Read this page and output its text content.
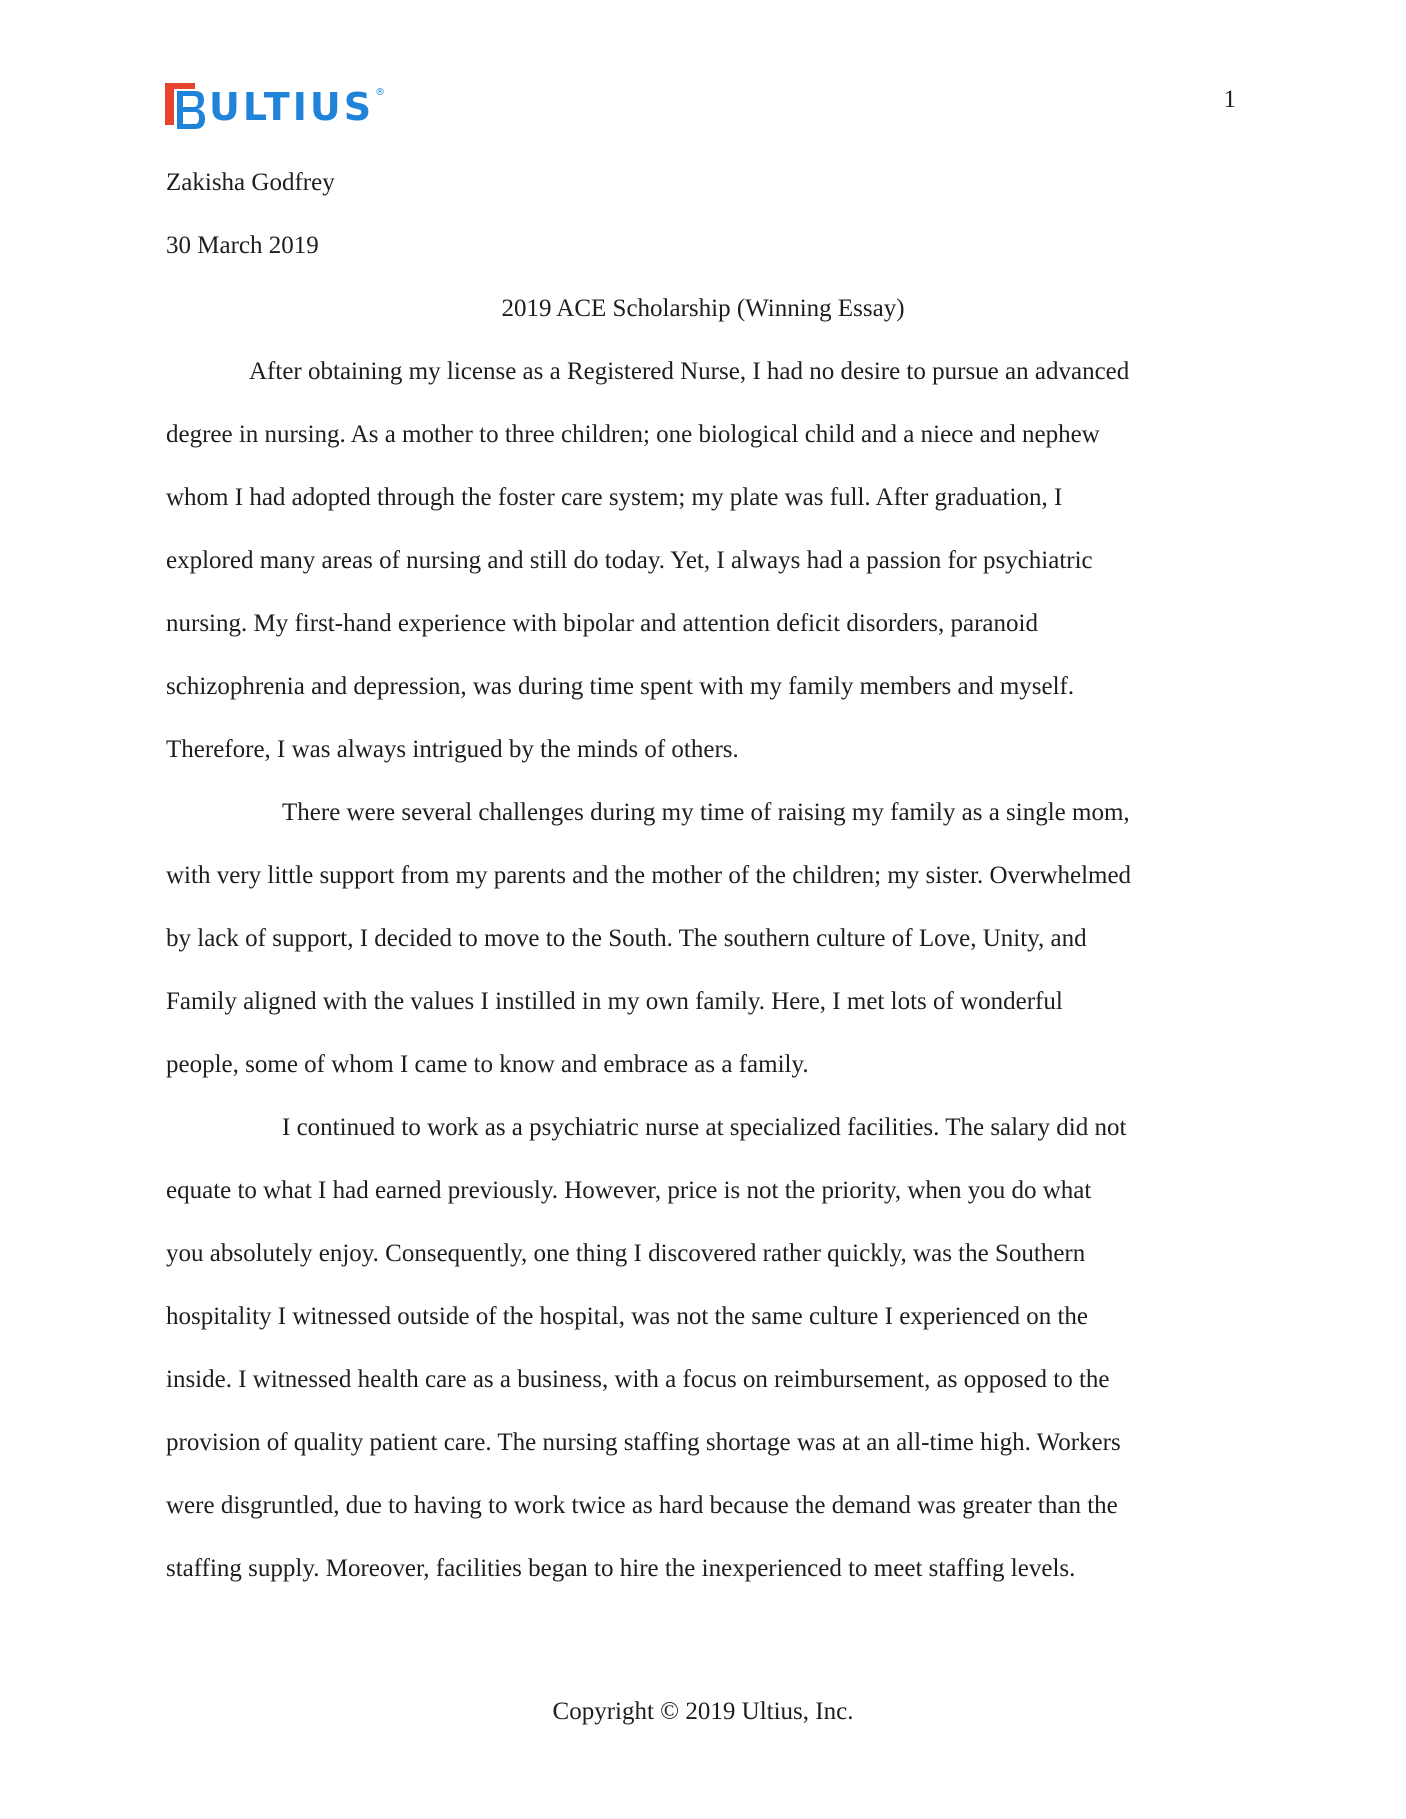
ULTIUS ®	1
Zakisha Godfrey
30 March 2019
2019 ACE Scholarship (Winning Essay)
After obtaining my license as a Registered Nurse, I had no desire to pursue an advanced
degree in nursing. As a mother to three children; one biological child and a niece and nephew
whom I had adopted through the foster care system; my plate was full. After graduation, I
explored many areas of nursing and still do today. Yet, I always had a passion for psychiatric
nursing. My first-hand experience with bipolar and attention deficit disorders, paranoid
schizophrenia and depression, was during time spent with my family members and myself.
Therefore, I was always intrigued by the minds of others.
There were several challenges during my time of raising my family as a single mom,
with very little support from my parents and the mother of the children; my sister. Overwhelmed
by lack of support, I decided to move to the South. The southern culture of Love, Unity, and
Family aligned with the values I instilled in my own family. Here, I met lots of wonderful
people, some of whom I came to know and embrace as a family.
I continued to work as a psychiatric nurse at specialized facilities. The salary did not
equate to what I had earned previously. However, price is not the priority, when you do what
you absolutely enjoy. Consequently, one thing I discovered rather quickly, was the Southern
hospitality I witnessed outside of the hospital, was not the same culture I experienced on the
inside. I witnessed health care as a business, with a focus on reimbursement, as opposed to the
provision of quality patient care. The nursing staffing shortage was at an all-time high. Workers
were disgruntled, due to having to work twice as hard because the demand was greater than the
staffing supply. Moreover, facilities began to hire the inexperienced to meet staffing levels.
Copyright © 2019 Ultius, Inc.
